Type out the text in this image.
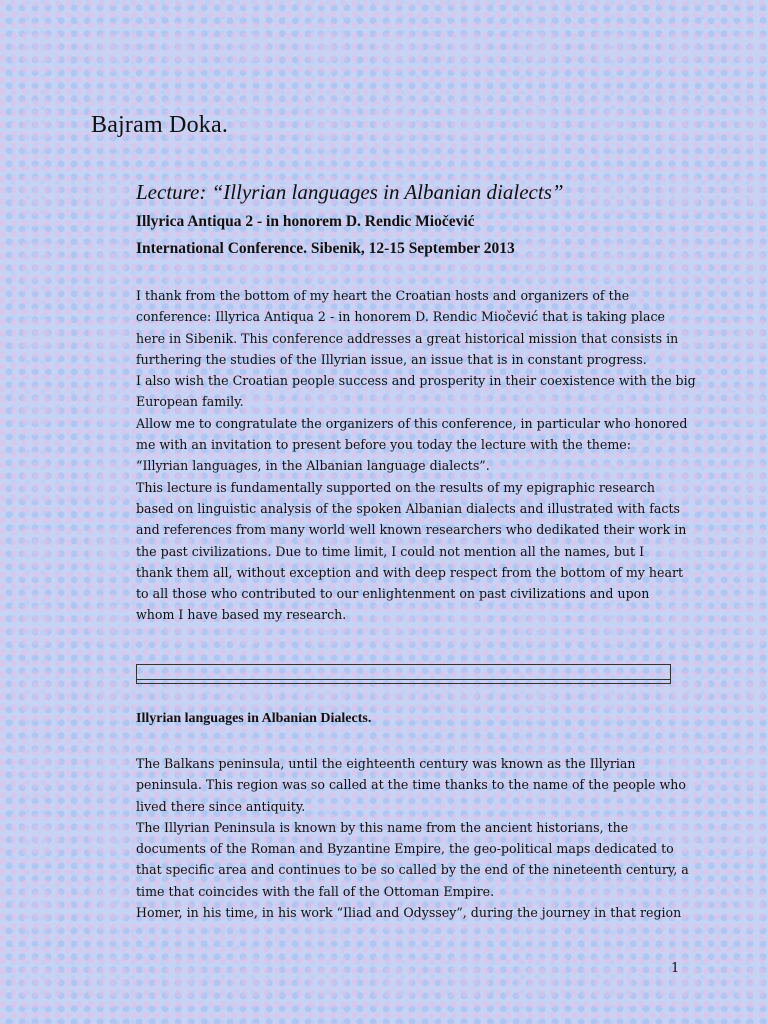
Bajram Doka.
Lecture: “Illyrian languages in Albanian dialects”
Illyrica Antiqua 2 - in honorem D. Rendic Miočević
International Conference. Sibenik, 12-15 September 2013
I thank from the bottom of my heart the Croatian hosts and organizers of the
conference: Illyrica Antiqua 2 - in honorem D. Rendic Miočević that is taking place
here in Sibenik. This conference addresses a great historical mission that consists in
furthering the studies of the Illyrian issue, an issue that is in constant progress.
I also wish the Croatian people success and prosperity in their coexistence with the big
European family.
Allow me to congratulate the organizers of this conference, in particular who honored
me with an invitation to present before you today the lecture with the theme:
“Illyrian languages, in the Albanian language dialects”.
This lecture is fundamentally supported on the results of my epigraphic research
based on linguistic analysis of the spoken Albanian dialects and illustrated with facts
and references from many world well known researchers who dedikated their work in
the past civilizations. Due to time limit, I could not mention all the names, but I
thank them all, without exception and with deep respect from the bottom of my heart
to all those who contributed to our enlightenment on past civilizations and upon
whom I have based my research.
Illyrian languages in Albanian Dialects.
The Balkans peninsula, until the eighteenth century was known as the Illyrian
peninsula. This region was so called at the time thanks to the name of the people who
lived there since antiquity.
The Illyrian Peninsula is known by this name from the ancient historians, the
documents of the Roman and Byzantine Empire, the geo-political maps dedicated to
that specific area and continues to be so called by the end of the nineteenth century, a
time that coincides with the fall of the Ottoman Empire.
Homer, in his time, in his work “Iliad and Odyssey”, during the journey in that region
1
